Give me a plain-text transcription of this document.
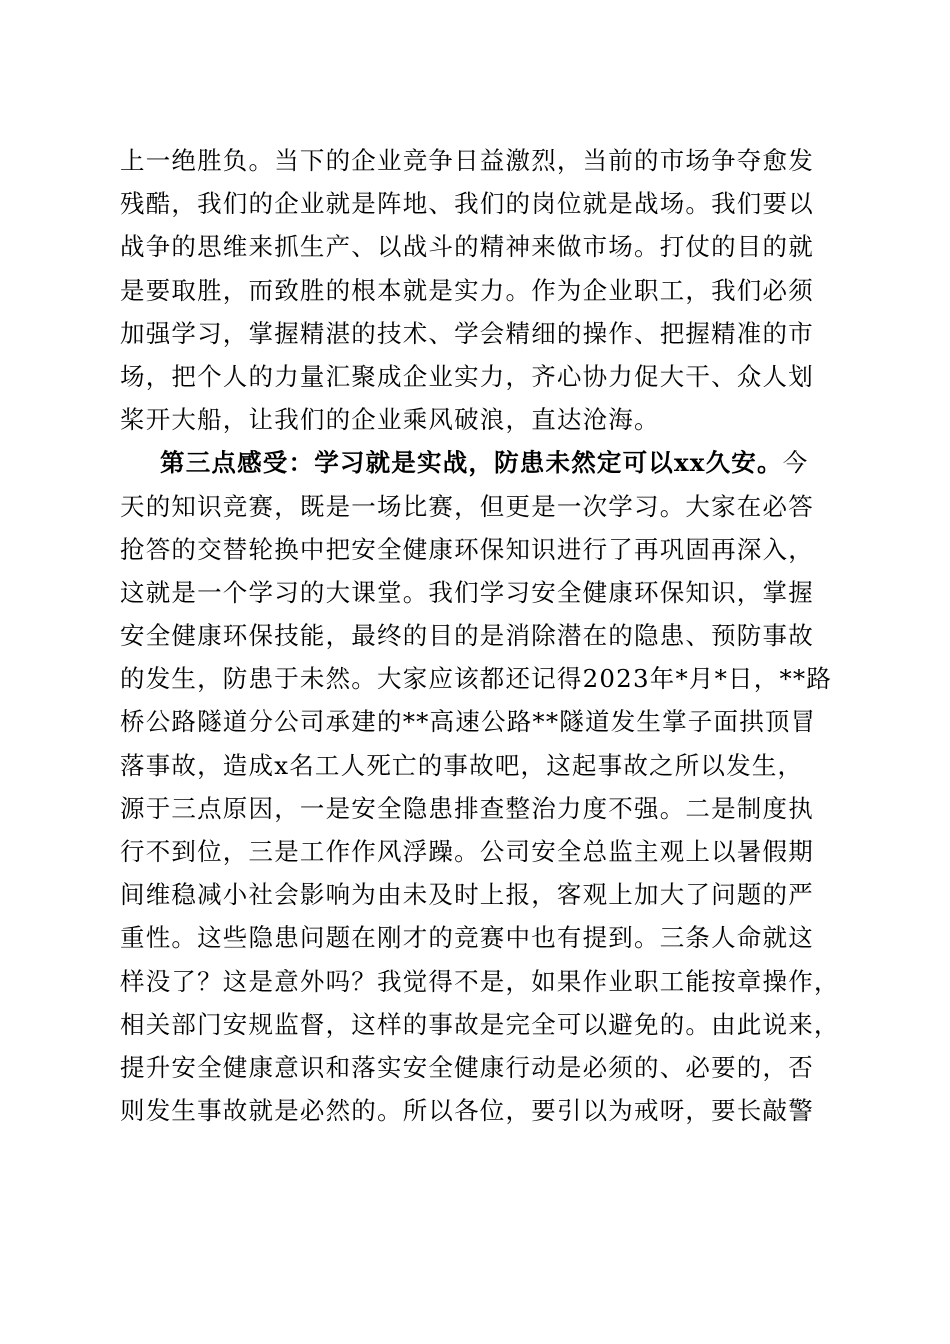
上一绝胜负。当下的企业竞争日益激烈，当前的市场争夺愈发
残酷，我们的企业就是阵地、我们的岗位就是战场。我们要以
战争的思维来抓生产、以战斗的精神来做市场。打仗的目的就
是要取胜，而致胜的根本就是实力。作为企业职工，我们必须
加强学习，掌握精湛的技术、学会精细的操作、把握精准的市
场，把个人的力量汇聚成企业实力，齐心协力促大干、众人划
桨开大船，让我们的企业乘风破浪，直达沧海。
第三点感受：学习就是实战，防患未然定可以xx久安。今
天的知识竞赛，既是一场比赛，但更是一次学习。大家在必答
抢答的交替轮换中把安全健康环保知识进行了再巩固再深入，
这就是一个学习的大课堂。我们学习安全健康环保知识，掌握
安全健康环保技能，最终的目的是消除潜在的隐患、预防事故
的发生，防患于未然。大家应该都还记得2023年*月*日，**路
桥公路隧道分公司承建的**高速公路**隧道发生掌子面拱顶冒
落事故，造成x名工人死亡的事故吧，这起事故之所以发生，
源于三点原因，一是安全隐患排查整治力度不强。二是制度执
行不到位，三是工作作风浮躁。公司安全总监主观上以暑假期
间维稳减小社会影响为由未及时上报，客观上加大了问题的严
重性。这些隐患问题在刚才的竞赛中也有提到。三条人命就这
样没了？这是意外吗？我觉得不是，如果作业职工能按章操作，
相关部门安规监督，这样的事故是完全可以避免的。由此说来，
提升安全健康意识和落实安全健康行动是必须的、必要的，否
则发生事故就是必然的。所以各位，要引以为戒呀，要长敲警
